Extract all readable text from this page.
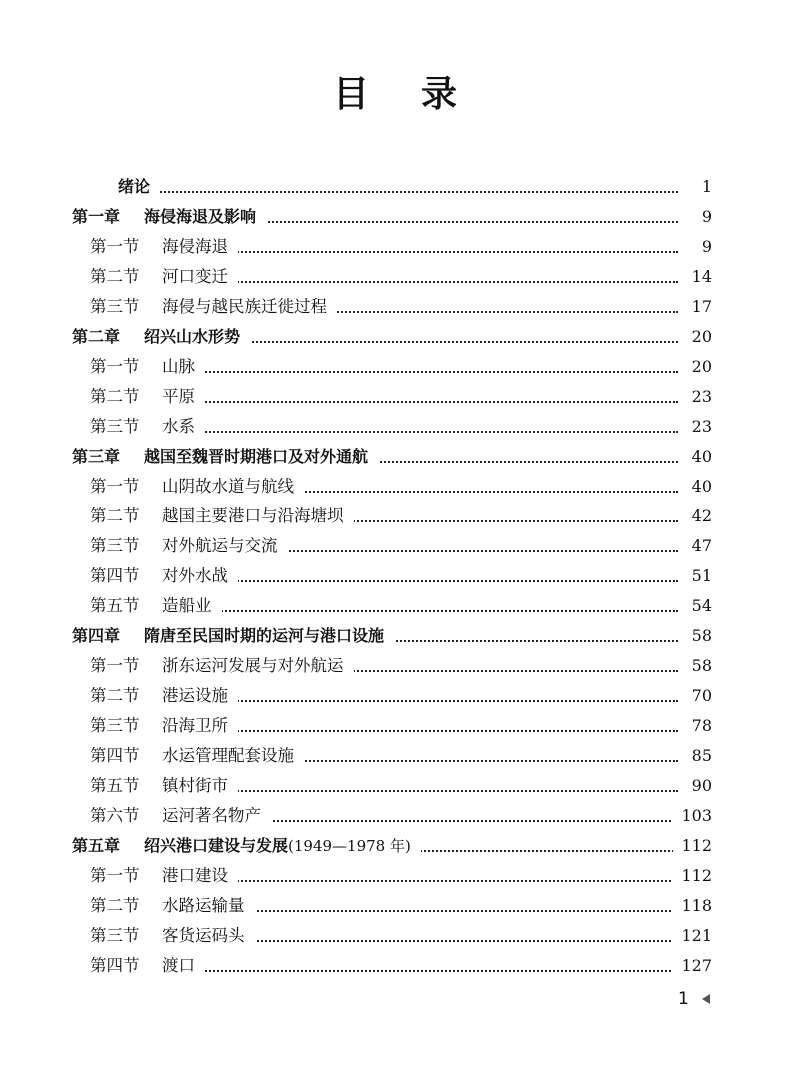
目录
绪论	1
第一章 海侵海退及影响	9
第一节 海侵海退	9
第二节 河口变迁	14
第三节 海侵与越民族迁徙过程	17
第二章 绍兴山水形势	20
第一节 山脉	20
第二节 平原	23
第三节 水系	23
第三章 越国至魏晋时期港口及对外通航	40
第一节 山阴故水道与航线	40
第二节 越国主要港口与沿海塘坝	42
第三节 对外航运与交流	47
第四节 对外水战	51
第五节 造船业	54
第四章 隋唐至民国时期的运河与港口设施	58
第一节 浙东运河发展与对外航运	58
第二节 港运设施	70
第三节 沿海卫所	78
第四节 水运管理配套设施	85
第五节 镇村街市	90
第六节 运河著名物产	103
第五章 绍兴港口建设与发展(1949—1978 年)	112
第一节 港口建设	112
第二节 水路运输量	118
第三节 客货运码头	121
第四节 渡口	127
1
